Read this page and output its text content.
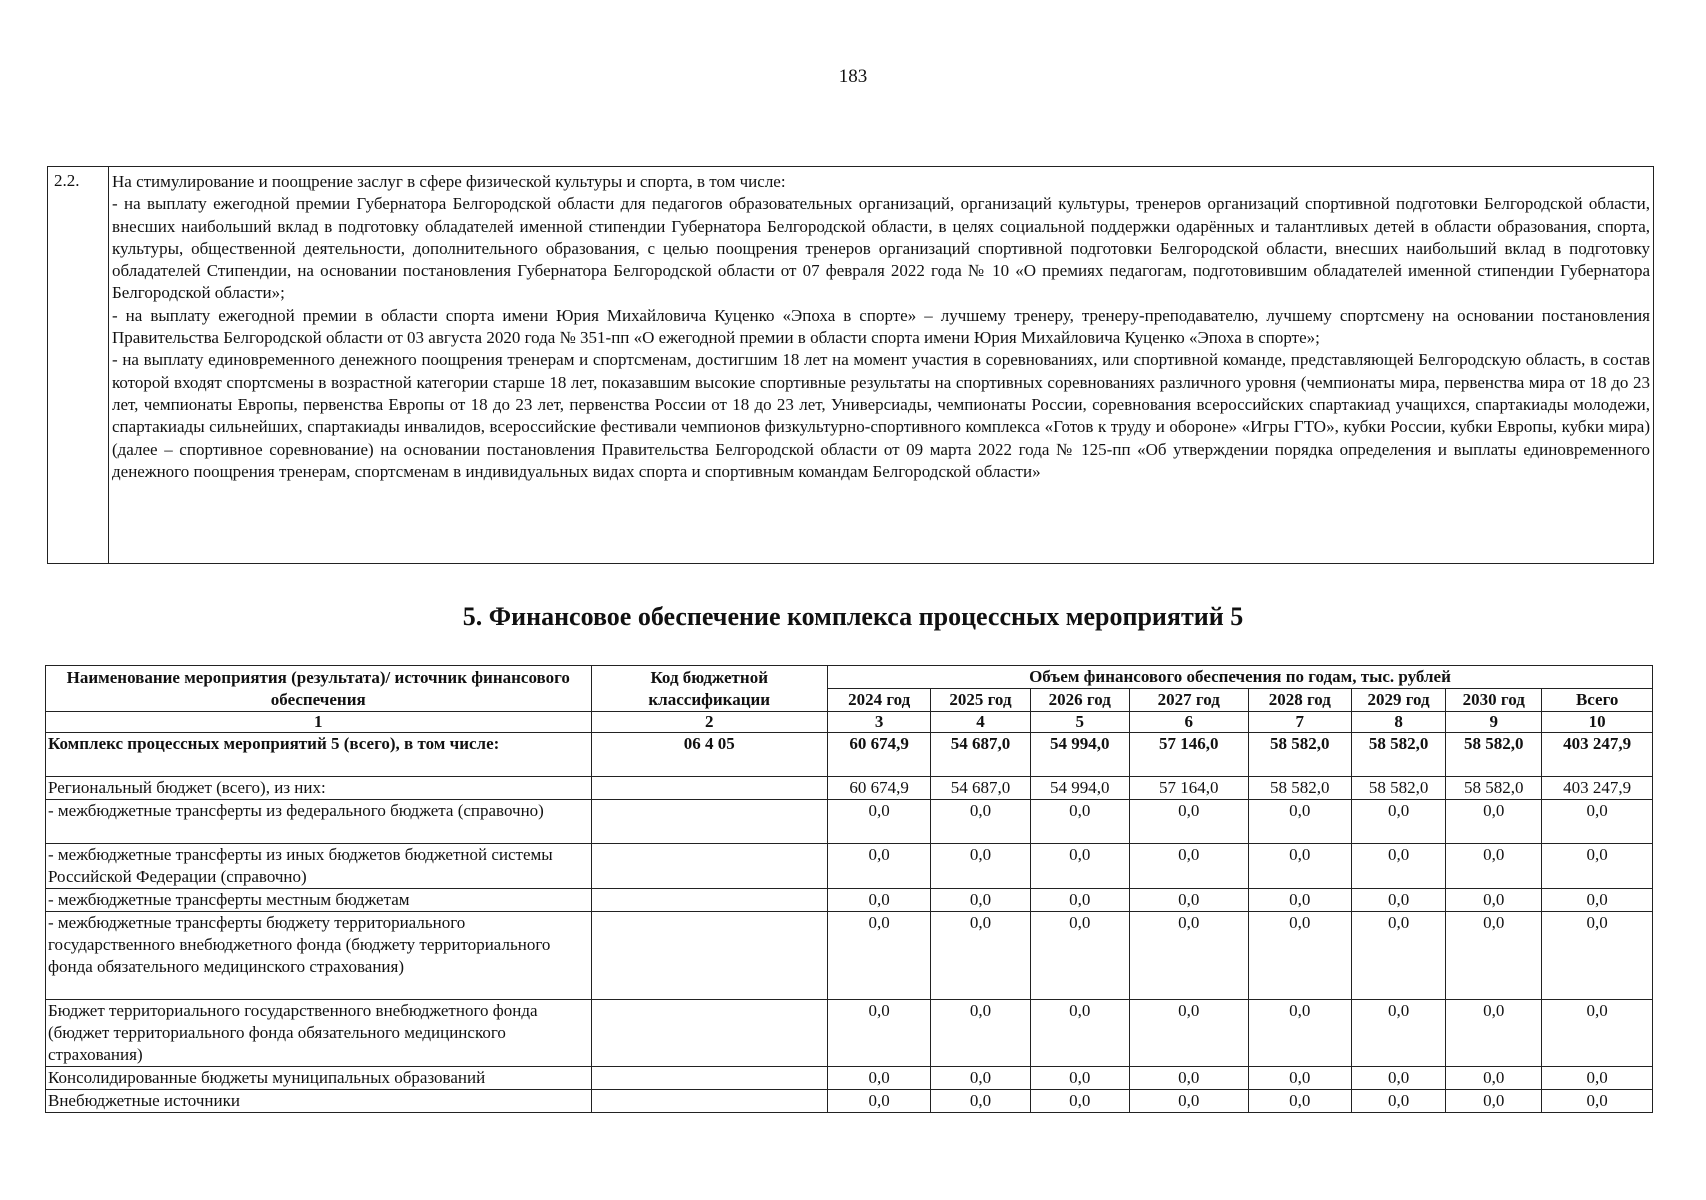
183
2.2.	На стимулирование и поощрение заслуг в сфере физической культуры и спорта, в том числе:

- на выплату ежегодной премии Губернатора Белгородской области для педагогов образовательных организаций, организаций культуры, тренеров организаций спортивной подготовки Белгородской области, внесших наибольший вклад в подготовку обладателей именной стипендии Губернатора Белгородской области, в целях социальной поддержки одарённых и талантливых детей в области образования, спорта, культуры, общественной деятельности, дополнительного образования, с целью поощрения тренеров организаций спортивной подготовки Белгородской области, внесших наибольший вклад в подготовку обладателей Стипендии, на основании постановления Губернатора Белгородской области от 07 февраля 2022 года № 10 «О премиях педагогам, подготовившим обладателей именной стипендии Губернатора Белгородской области»;

- на выплату ежегодной премии в области спорта имени Юрия Михайловича Куценко «Эпоха в спорте» – лучшему тренеру, тренеру-преподавателю, лучшему спортсмену на основании постановления Правительства Белгородской области от 03 августа 2020 года № 351-пп «О ежегодной премии в области спорта имени Юрия Михайловича Куценко «Эпоха в спорте»;

- на выплату единовременного денежного поощрения тренерам и спортсменам, достигшим 18 лет на момент участия в соревнованиях, или спортивной команде, представляющей Белгородскую область, в состав которой входят спортсмены в возрастной категории старше 18 лет, показавшим высокие спортивные результаты на спортивных соревнованиях различного уровня (чемпионаты мира, первенства мира от 18 до 23 лет, чемпионаты Европы, первенства Европы от 18 до 23 лет, первенства России от 18 до 23 лет, Универсиады, чемпионаты России, соревнования всероссийских спартакиад учащихся, спартакиады молодежи, спартакиады сильнейших, спартакиады инвалидов, всероссийские фестивали чемпионов физкультурно-спортивного комплекса «Готов к труду и обороне» «Игры ГТО», кубки России, кубки Европы, кубки мира) (далее – спортивное соревнование) на основании постановления Правительства Белгородской области от 09 марта 2022 года № 125-пп «Об утверждении порядка определения и выплаты единовременного денежного поощрения тренерам, спортсменам в индивидуальных видах спорта и спортивным командам Белгородской области»

5. Финансовое обеспечение комплекса процессных мероприятий 5
Наименование мероприятия (результата)/ источник финансового обеспечения	Код бюджетной классификации	Объем финансового обеспечения по годам, тыс. рублей							
		2024 год	2025 год	2026 год	2027 год	2028 год	2029 год	2030 год	Всего
1	2	3	4	5	6	7	8	9	10
Комплекс процессных мероприятий 5 (всего), в том числе:	06 4 05	60 674,9	54 687,0	54 994,0	57 146,0	58 582,0	58 582,0	58 582,0	403 247,9
Региональный бюджет (всего), из них:		60 674,9	54 687,0	54 994,0	57 164,0	58 582,0	58 582,0	58 582,0	403 247,9
- межбюджетные трансферты из федерального бюджета (справочно)		0,0	0,0	0,0	0,0	0,0	0,0	0,0	0,0
- межбюджетные трансферты из иных бюджетов бюджетной системы Российской Федерации (справочно)		0,0	0,0	0,0	0,0	0,0	0,0	0,0	0,0
- межбюджетные трансферты местным бюджетам		0,0	0,0	0,0	0,0	0,0	0,0	0,0	0,0
- межбюджетные трансферты бюджету территориального государственного внебюджетного фонда (бюджету территориального фонда обязательного медицинского страхования)		0,0	0,0	0,0	0,0	0,0	0,0	0,0	0,0
Бюджет территориального государственного внебюджетного фонда (бюджет территориального фонда обязательного медицинского страхования)		0,0	0,0	0,0	0,0	0,0	0,0	0,0	0,0
Консолидированные бюджеты муниципальных образований		0,0	0,0	0,0	0,0	0,0	0,0	0,0	0,0
Внебюджетные источники		0,0	0,0	0,0	0,0	0,0	0,0	0,0	0,0
